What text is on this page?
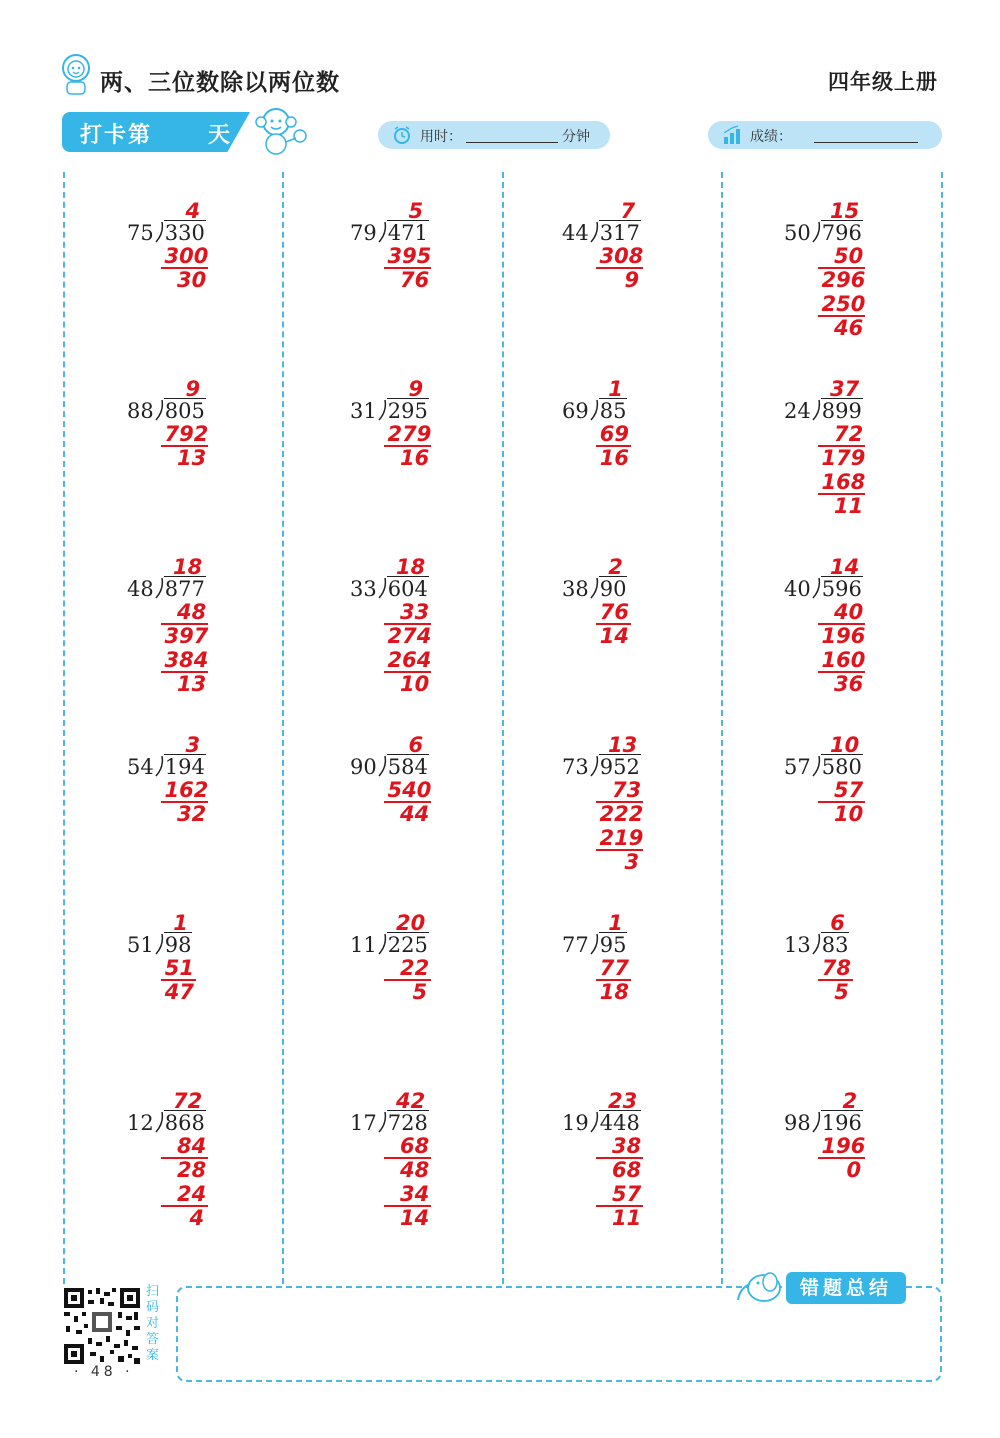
两、三位数除以两位数	四年级上册
打卡第	天	用时：	分钟	成绩：
75 330
4
300
30
79 471
5
395
76
44 317
7
308
9
50 796
15
50
296
250
46
88 805
9
792
13
31 295
9
279
16
69 85
1
69
16
24 899
37
72
179
168
11
48 877
18
48
397
384
13
33 604
18
33
274
264
10
38 90
2
76
14
40 596
14
40
196
160
36
54 194
3
162
32
90 584
6
540
44
73 952
13
73
222
219
3
57 580
10
57
10
51 98
1
51
47
11 225
20
22
5
77 95
1
77
18
13 83
6
78
5
12 868
72
84
28
24
4
17 728
42
68
48
34
14
19 448
23
38
68
57
11
98 196
2
196
0
错题总结
扫码对答案
· 48 ·
